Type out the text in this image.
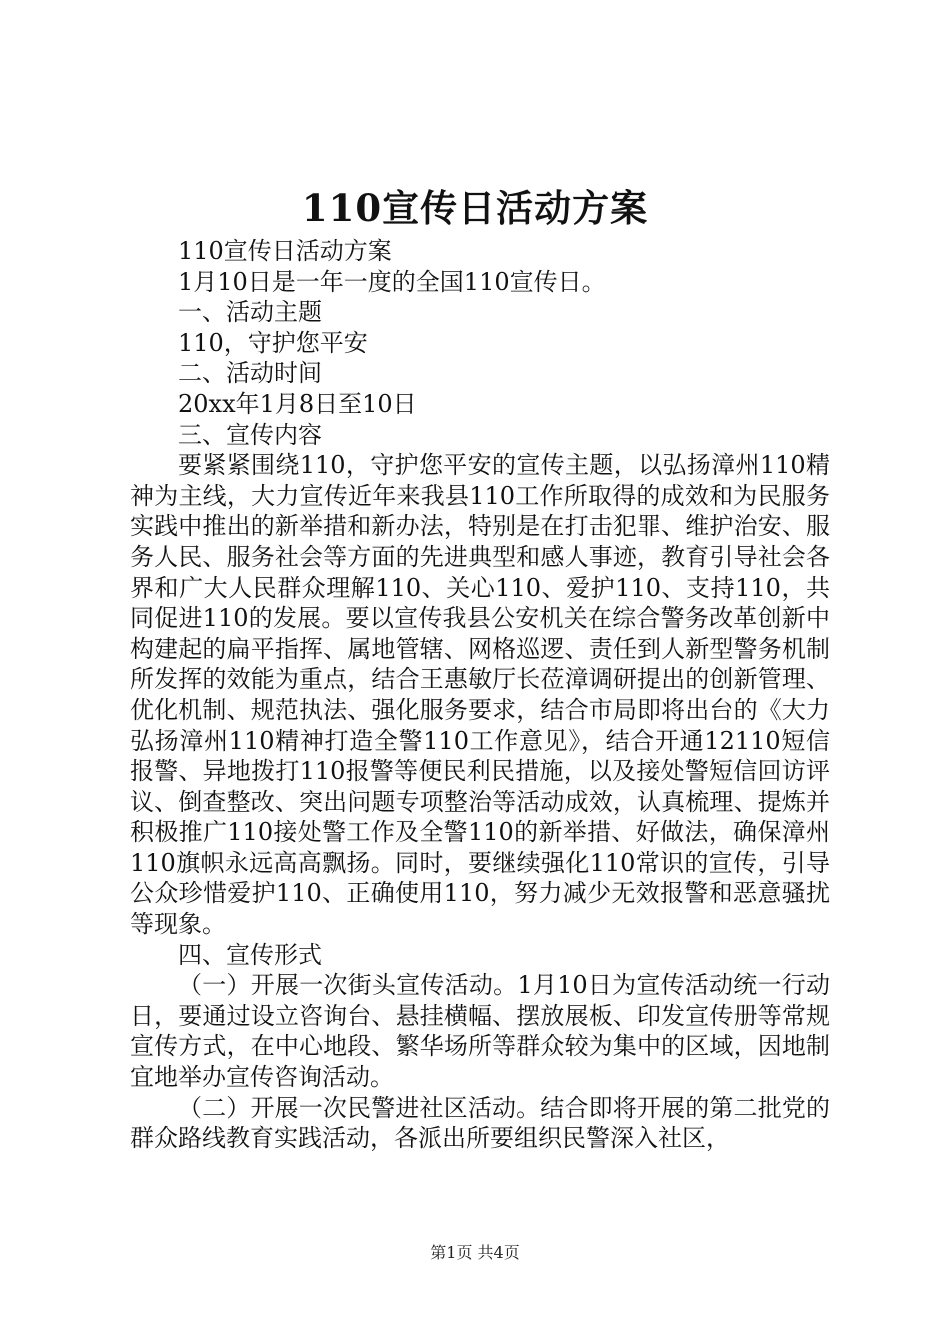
110宣传日活动方案

110宣传日活动方案

1月10日是一年一度的全国110宣传日。

一、活动主题

110，守护您平安

二、活动时间

20xx年1月8日至10日

三、宣传内容

要紧紧围绕110，守护您平安的宣传主题，以弘扬漳州110精神为主线，大力宣传近年来我县110工作所取得的成效和为民服务实践中推出的新举措和新办法，特别是在打击犯罪、维护治安、服务人民、服务社会等方面的先进典型和感人事迹，教育引导社会各界和广大人民群众理解110、关心110、爱护110、支持110，共同促进110的发展。要以宣传我县公安机关在综合警务改革创新中构建起的扁平指挥、属地管辖、网格巡逻、责任到人新型警务机制所发挥的效能为重点，结合王惠敏厅长莅漳调研提出的创新管理、优化机制、规范执法、强化服务要求，结合市局即将出台的《大力弘扬漳州110精神打造全警110工作意见》，结合开通12110短信报警、异地拨打110报警等便民利民措施，以及接处警短信回访评议、倒查整改、突出问题专项整治等活动成效，认真梳理、提炼并积极推广110接处警工作及全警110的新举措、好做法，确保漳州110旗帜永远高高飘扬。同时，要继续强化110常识的宣传，引导公众珍惜爱护110、正确使用110，努力减少无效报警和恶意骚扰等现象。

四、宣传形式

（一）开展一次街头宣传活动。1月10日为宣传活动统一行动日，要通过设立咨询台、悬挂横幅、摆放展板、印发宣传册等常规宣传方式，在中心地段、繁华场所等群众较为集中的区域，因地制宜地举办宣传咨询活动。

（二）开展一次民警进社区活动。结合即将开展的第二批党的群众路线教育实践活动，各派出所要组织民警深入社区，

第1页 共4页
